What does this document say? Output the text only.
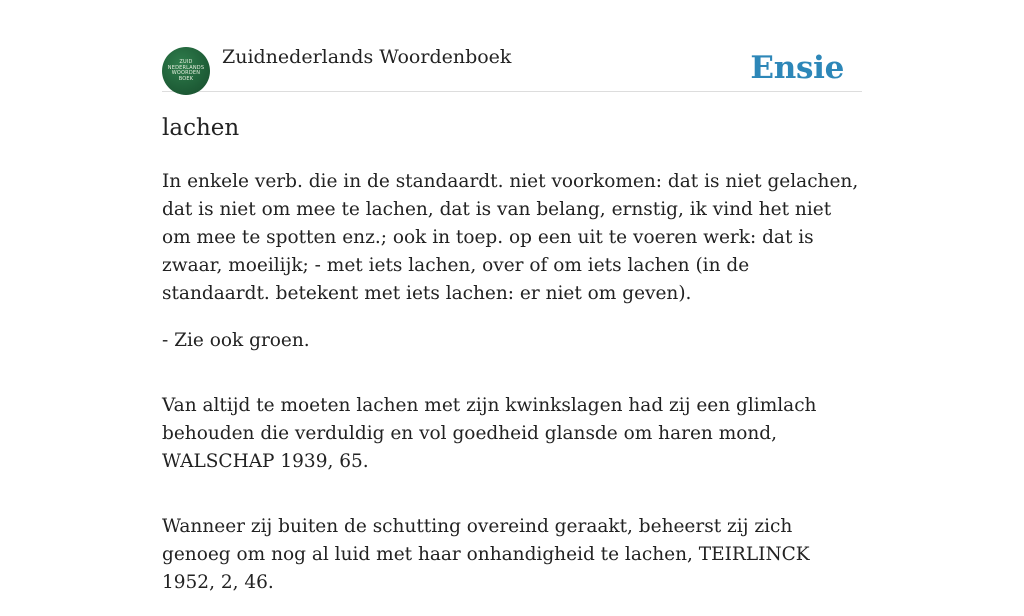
ZUID
NEDERLANDS
WOORDEN
BOEK
Zuidnederlands Woordenboek	Ensie
lachen

In enkele verb. die in de standaardt. niet voorkomen: dat is niet gelachen, dat is niet om mee te lachen, dat is van belang, ernstig, ik vind het niet om mee te spotten enz.; ook in toep. op een uit te voeren werk: dat is zwaar, moeilijk; - met iets lachen, over of om iets lachen (in de standaardt. betekent met iets lachen: er niet om geven).

- Zie ook groen.

Van altijd te moeten lachen met zijn kwinkslagen had zij een glimlach behouden die verduldig en vol goedheid glansde om haren mond, WALSCHAP 1939, 65.

Wanneer zij buiten de schutting overeind geraakt, beheerst zij zich genoeg om nog al luid met haar onhandigheid te lachen, TEIRLINCK 1952, 2, 46.
